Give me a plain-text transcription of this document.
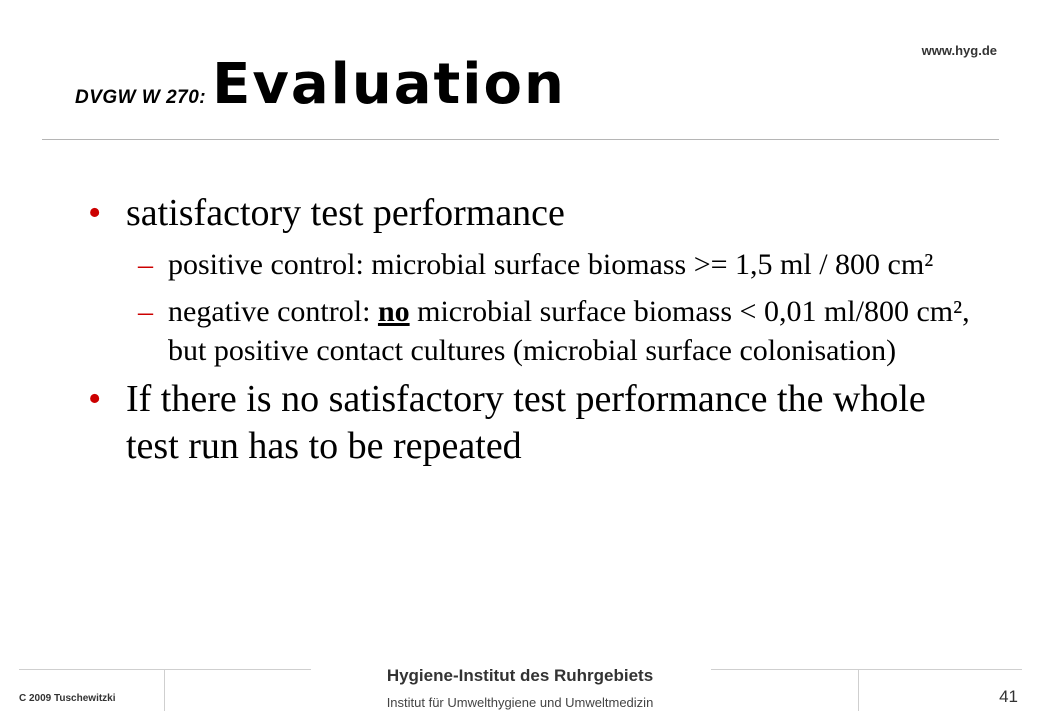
www.hyg.de
DVGW W 270: Evaluation
• satisfactory test performance
– positive control: microbial surface biomass >= 1,5 ml / 800 cm²
– negative control: no microbial surface biomass < 0,01 ml/800 cm², but positive contact cultures (microbial surface colonisation)
• If there is no satisfactory test performance the whole test run has to be repeated
C 2009 Tuschewitzki
Hygiene-Institut des Ruhrgebiets
Institut für Umwelthygiene und Umweltmedizin	41
